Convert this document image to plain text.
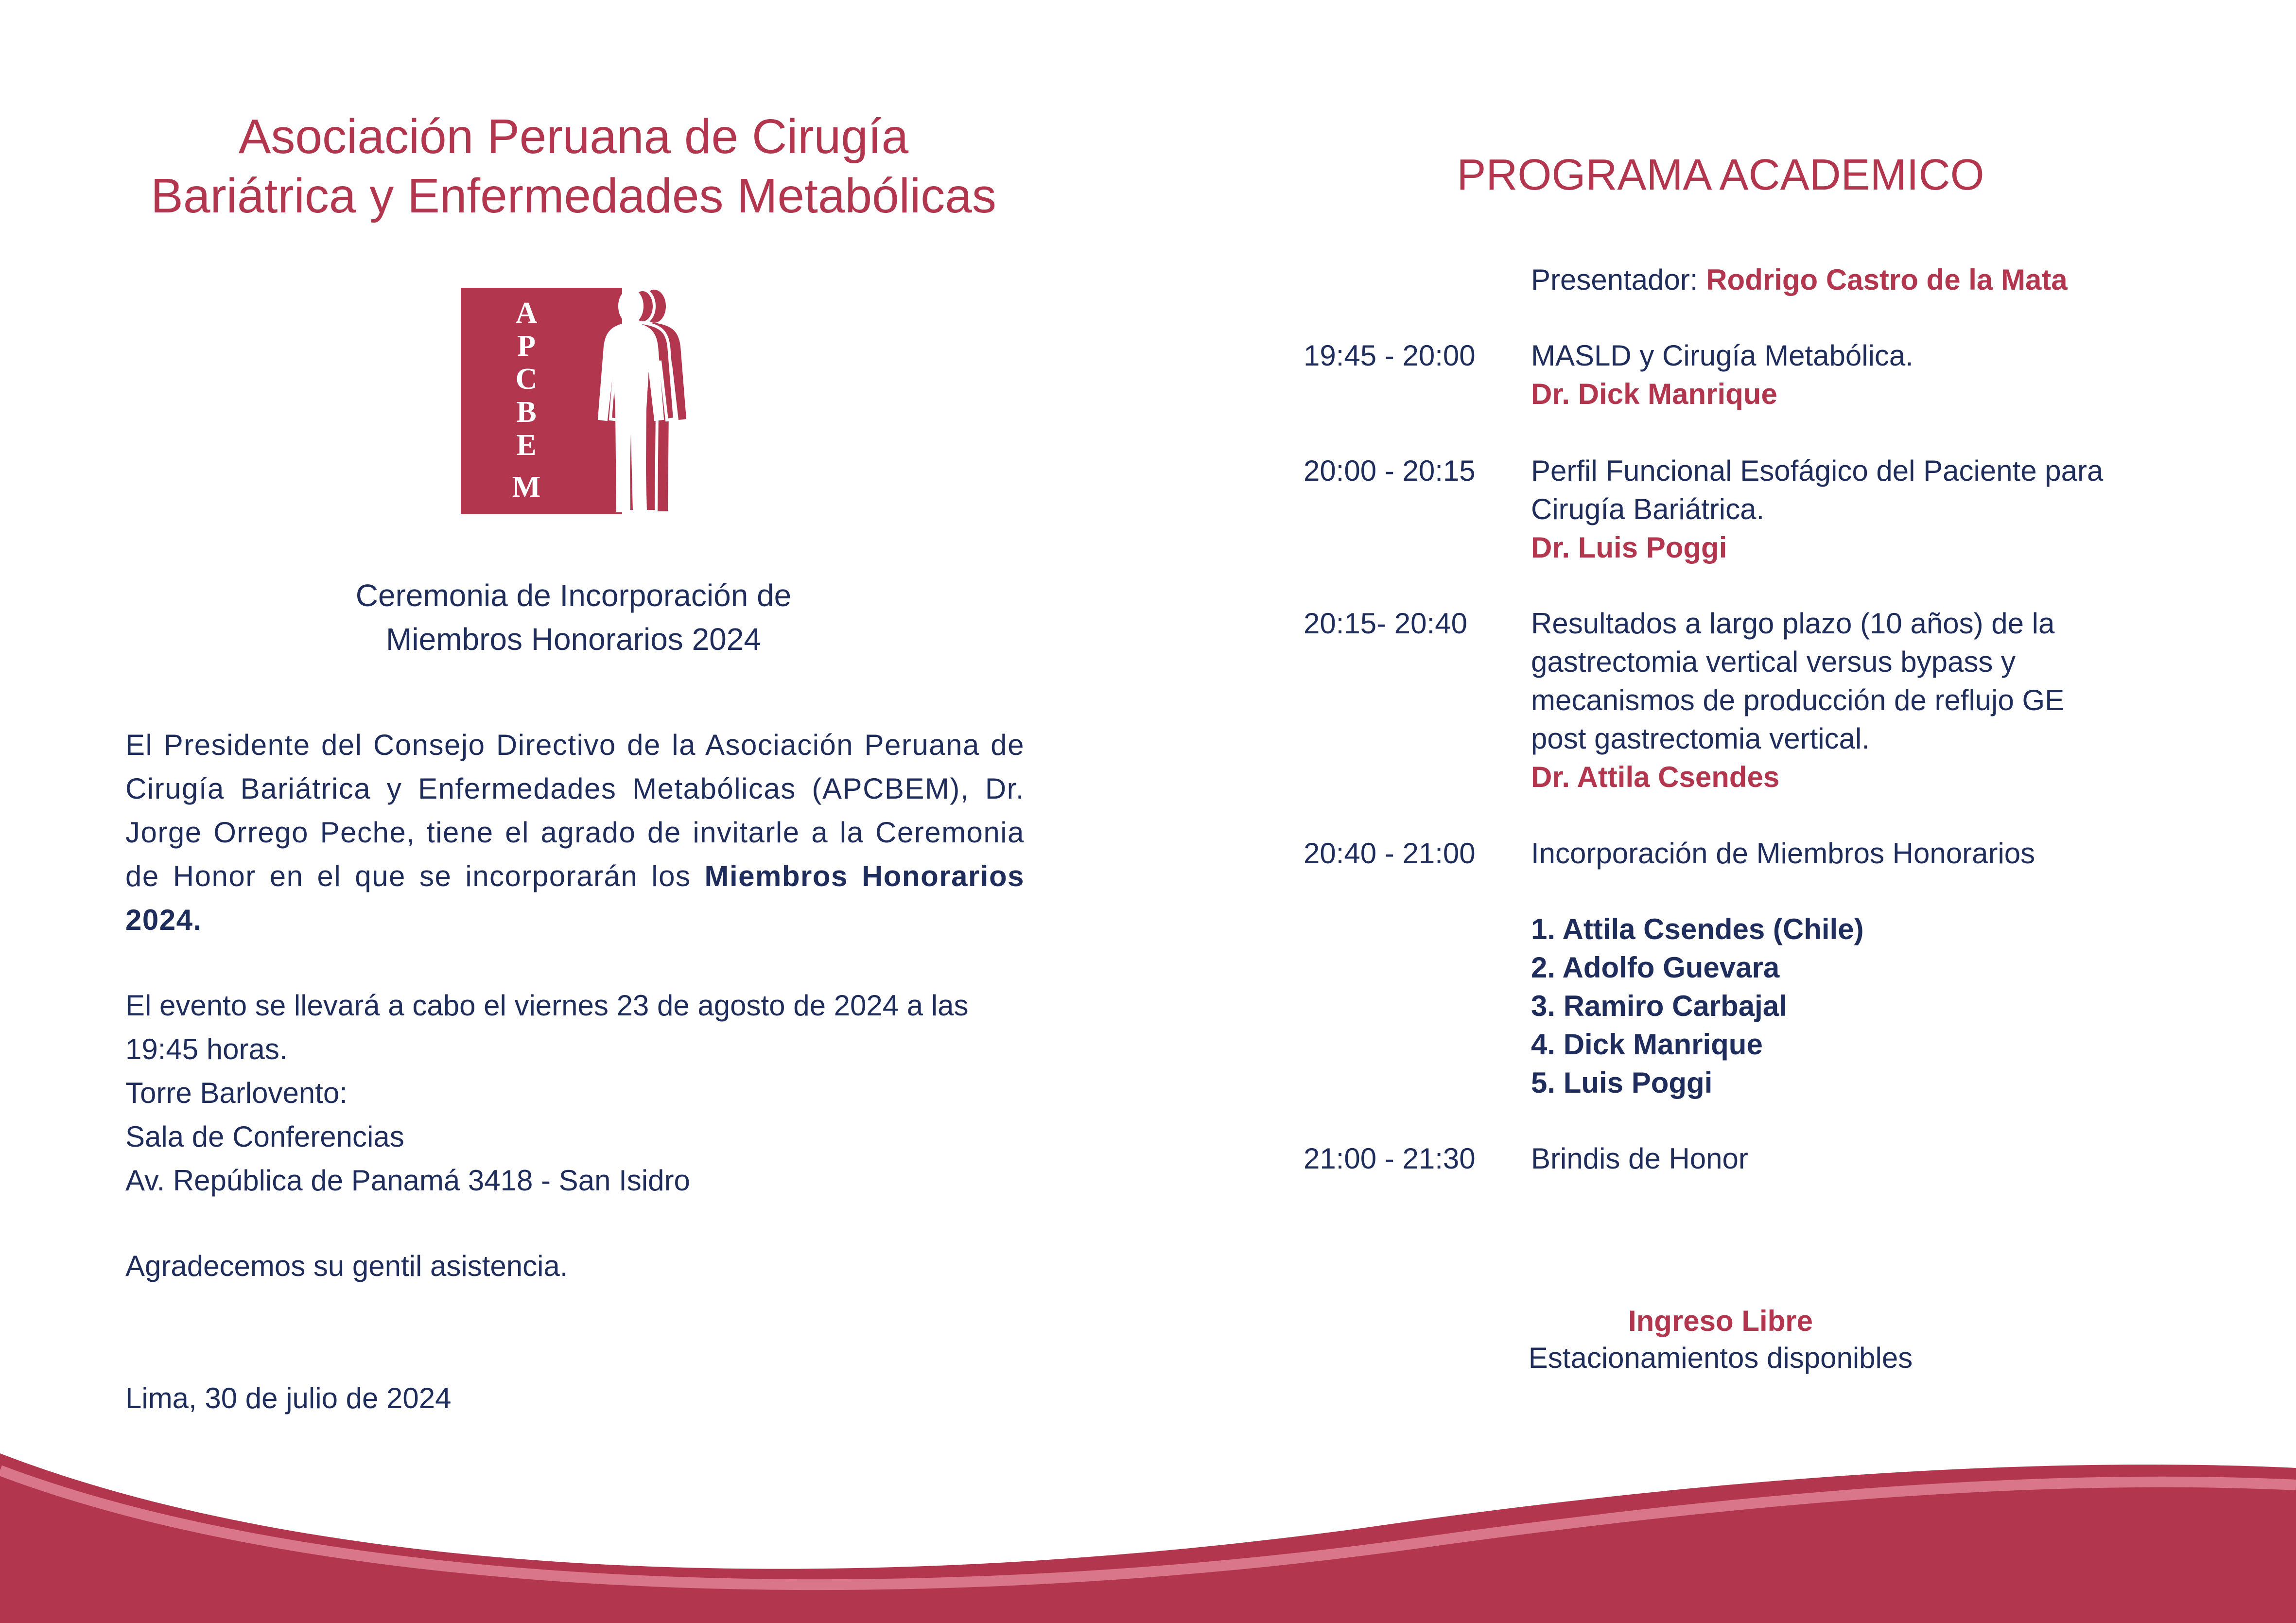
Asociación Peruana de Cirugía
Bariátrica y Enfermedades Metabólicas
A
P
C
B
E
M
Ceremonia de Incorporación de
Miembros Honorarios 2024
El Presidente del Consejo Directivo de la Asociación Peruana de Cirugía Bariátrica y Enfermedades Metabólicas (APCBEM), Dr. Jorge Orrego Peche, tiene el agrado de invitarle a la Ceremonia de Honor en el que se incorporarán los Miembros Honorarios 2024.
El evento se llevará a cabo el viernes 23 de agosto de 2024 a las 19:45 horas.
Torre Barlovento:
Sala de Conferencias
Av. República de Panamá 3418 - San Isidro
Agradecemos su gentil asistencia.
Lima, 30 de julio de 2024
PROGRAMA ACADEMICO
Presentador: Rodrigo Castro de la Mata
19:45 - 20:00 MASLD y Cirugía Metabólica.
Dr. Dick Manrique
20:00 - 20:15 Perfil Funcional Esofágico del Paciente para
Cirugía Bariátrica.
Dr. Luis Poggi
20:15- 20:40 Resultados a largo plazo (10 años) de la
gastrectomia vertical versus bypass y
mecanismos de producción de reflujo GE
post gastrectomia vertical.
Dr. Attila Csendes
20:40 - 21:00 Incorporación de Miembros Honorarios
1. Attila Csendes (Chile)
2. Adolfo Guevara
3. Ramiro Carbajal
4. Dick Manrique
5. Luis Poggi
21:00 - 21:30 Brindis de Honor
Ingreso Libre
Estacionamientos disponibles
